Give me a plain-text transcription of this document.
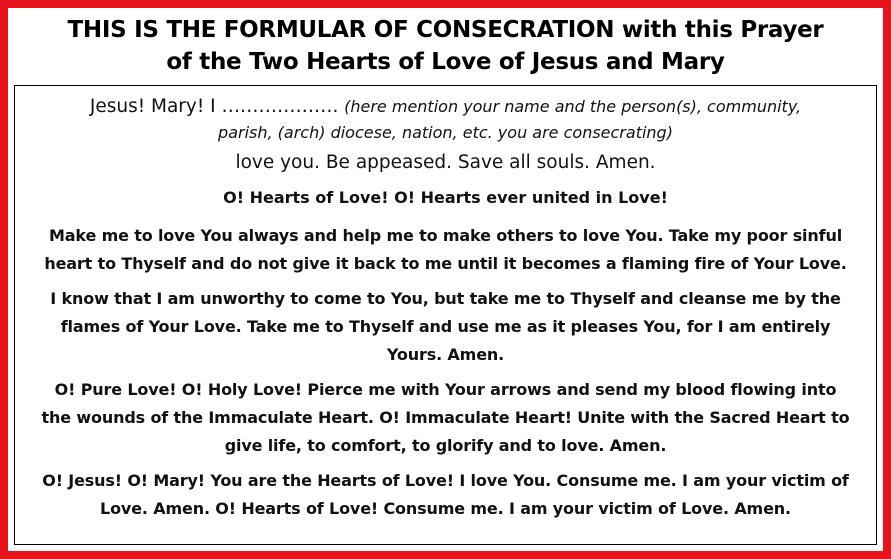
THIS IS THE FORMULAR OF CONSECRATION with this Prayer
of the Two Hearts of Love of Jesus and Mary
Jesus! Mary! I ………………. (here mention your name and the person(s), community,
parish, (arch) diocese, nation, etc. you are consecrating)
love you. Be appeased. Save all souls. Amen.
O! Hearts of Love! O! Hearts ever united in Love!
Make me to love You always and help me to make others to love You. Take my poor sinful
heart to Thyself and do not give it back to me until it becomes a flaming fire of Your Love.
I know that I am unworthy to come to You, but take me to Thyself and cleanse me by the
flames of Your Love. Take me to Thyself and use me as it pleases You, for I am entirely
Yours. Amen.
O! Pure Love! O! Holy Love! Pierce me with Your arrows and send my blood flowing into
the wounds of the Immaculate Heart. O! Immaculate Heart! Unite with the Sacred Heart to
give life, to comfort, to glorify and to love. Amen.
O! Jesus! O! Mary! You are the Hearts of Love! I love You. Consume me. I am your victim of
Love. Amen. O! Hearts of Love! Consume me. I am your victim of Love. Amen.
